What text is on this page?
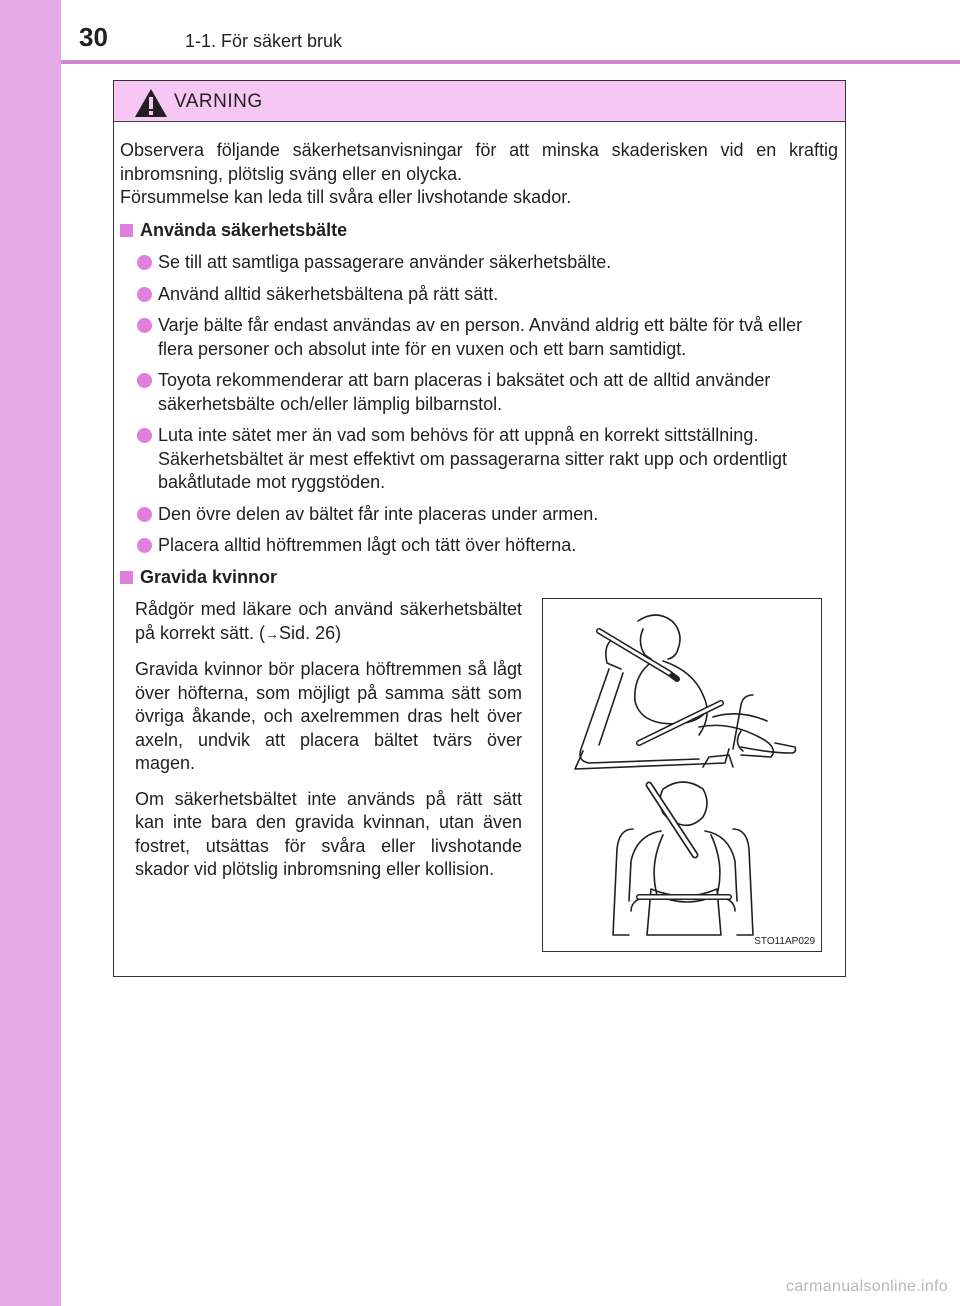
30	1-1. För säkert bruk
VARNING

Observera följande säkerhetsanvisningar för att minska skaderisken vid en kraftig inbromsning, plötslig sväng eller en olycka.

Försummelse kan leda till svåra eller livshotande skador.

Använda säkerhetsbälte
Se till att samtliga passagerare använder säkerhetsbälte.
Använd alltid säkerhetsbältena på rätt sätt.
Varje bälte får endast användas av en person. Använd aldrig ett bälte för två eller flera personer och absolut inte för en vuxen och ett barn samtidigt.
Toyota rekommenderar att barn placeras i baksätet och att de alltid använder säkerhetsbälte och/eller lämplig bilbarnstol.
Luta inte sätet mer än vad som behövs för att uppnå en korrekt sittställning. Säkerhetsbältet är mest effektivt om passagerarna sitter rakt upp och ordentligt bakåtlutade mot ryggstöden.
Den övre delen av bältet får inte placeras under armen.
Placera alltid höftremmen lågt och tätt över höfterna.
Gravida kvinnor

Rådgör med läkare och använd säkerhetsbältet på korrekt sätt. (→Sid. 26)

Gravida kvinnor bör placera höftremmen så lågt över höfterna, som möjligt på samma sätt som övriga åkande, och axelremmen dras helt över axeln, undvik att placera bältet tvärs över magen.

Om säkerhetsbältet inte används på rätt sätt kan inte bara den gravida kvinnan, utan även fostret, utsättas för svåra eller livshotande skador vid plötslig inbromsning eller kollision.

STO11AP029
carmanualsonline.info
